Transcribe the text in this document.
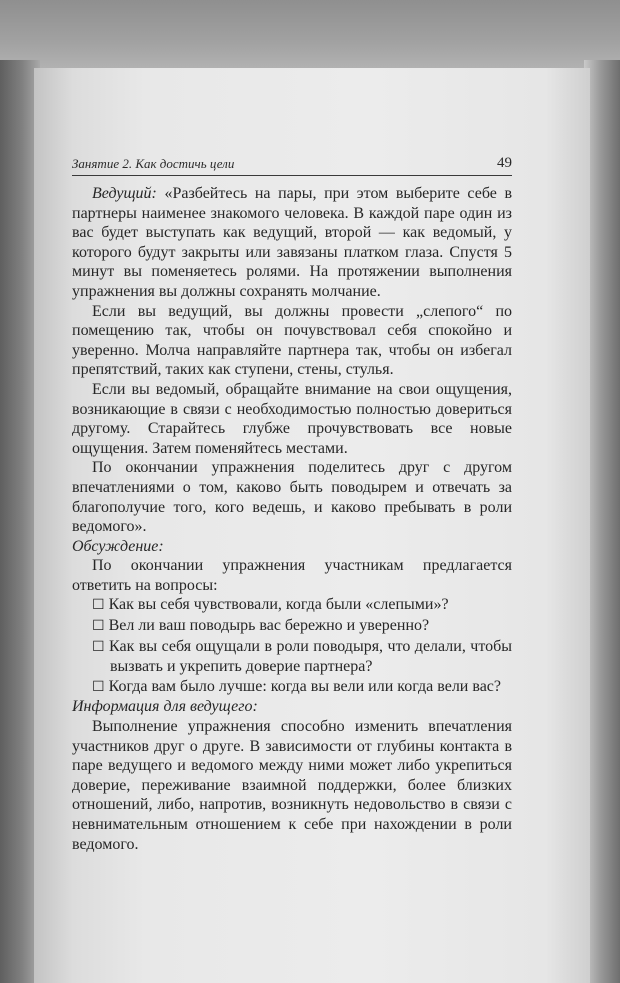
Занятие 2. Как достичь цели	49

Ведущий: «Разбейтесь на пары, при этом выберите себе в партнеры наименее знакомого человека. В каждой паре один из вас будет выступать как ведущий, второй — как ведомый, у которого будут закрыты или завязаны платком глаза. Спустя 5 минут вы поменяетесь ролями. На протяжении выполнения упражнения вы должны сохранять молчание.

Если вы ведущий, вы должны провести „слепого“ по помещению так, чтобы он почувствовал себя спокойно и уверенно. Молча направляйте партнера так, чтобы он избегал препятствий, таких как ступени, стены, стулья.

Если вы ведомый, обращайте внимание на свои ощущения, возникающие в связи с необходимостью полностью довериться другому. Старайтесь глубже прочувствовать все новые ощущения. Затем поменяйтесь местами.

По окончании упражнения поделитесь друг с другом впечатлениями о том, каково быть поводырем и отвечать за благополучие того, кого ведешь, и каково пребывать в роли ведомого».

Обсуждение:

По окончании упражнения участникам предлагается ответить на вопросы:

☐ Как вы себя чувствовали, когда были «слепыми»?

☐ Вел ли ваш поводырь вас бережно и уверенно?

☐ Как вы себя ощущали в роли поводыря, что делали, чтобы вызвать и укрепить доверие партнера?

☐ Когда вам было лучше: когда вы вели или когда вели вас?

Информация для ведущего:

Выполнение упражнения способно изменить впечатления участников друг о друге. В зависимости от глубины контакта в паре ведущего и ведомого между ними может либо укрепиться доверие, переживание взаимной поддержки, более близких отношений, либо, напротив, возникнуть недовольство в связи с невнимательным отношением к себе при нахождении в роли ведомого.
